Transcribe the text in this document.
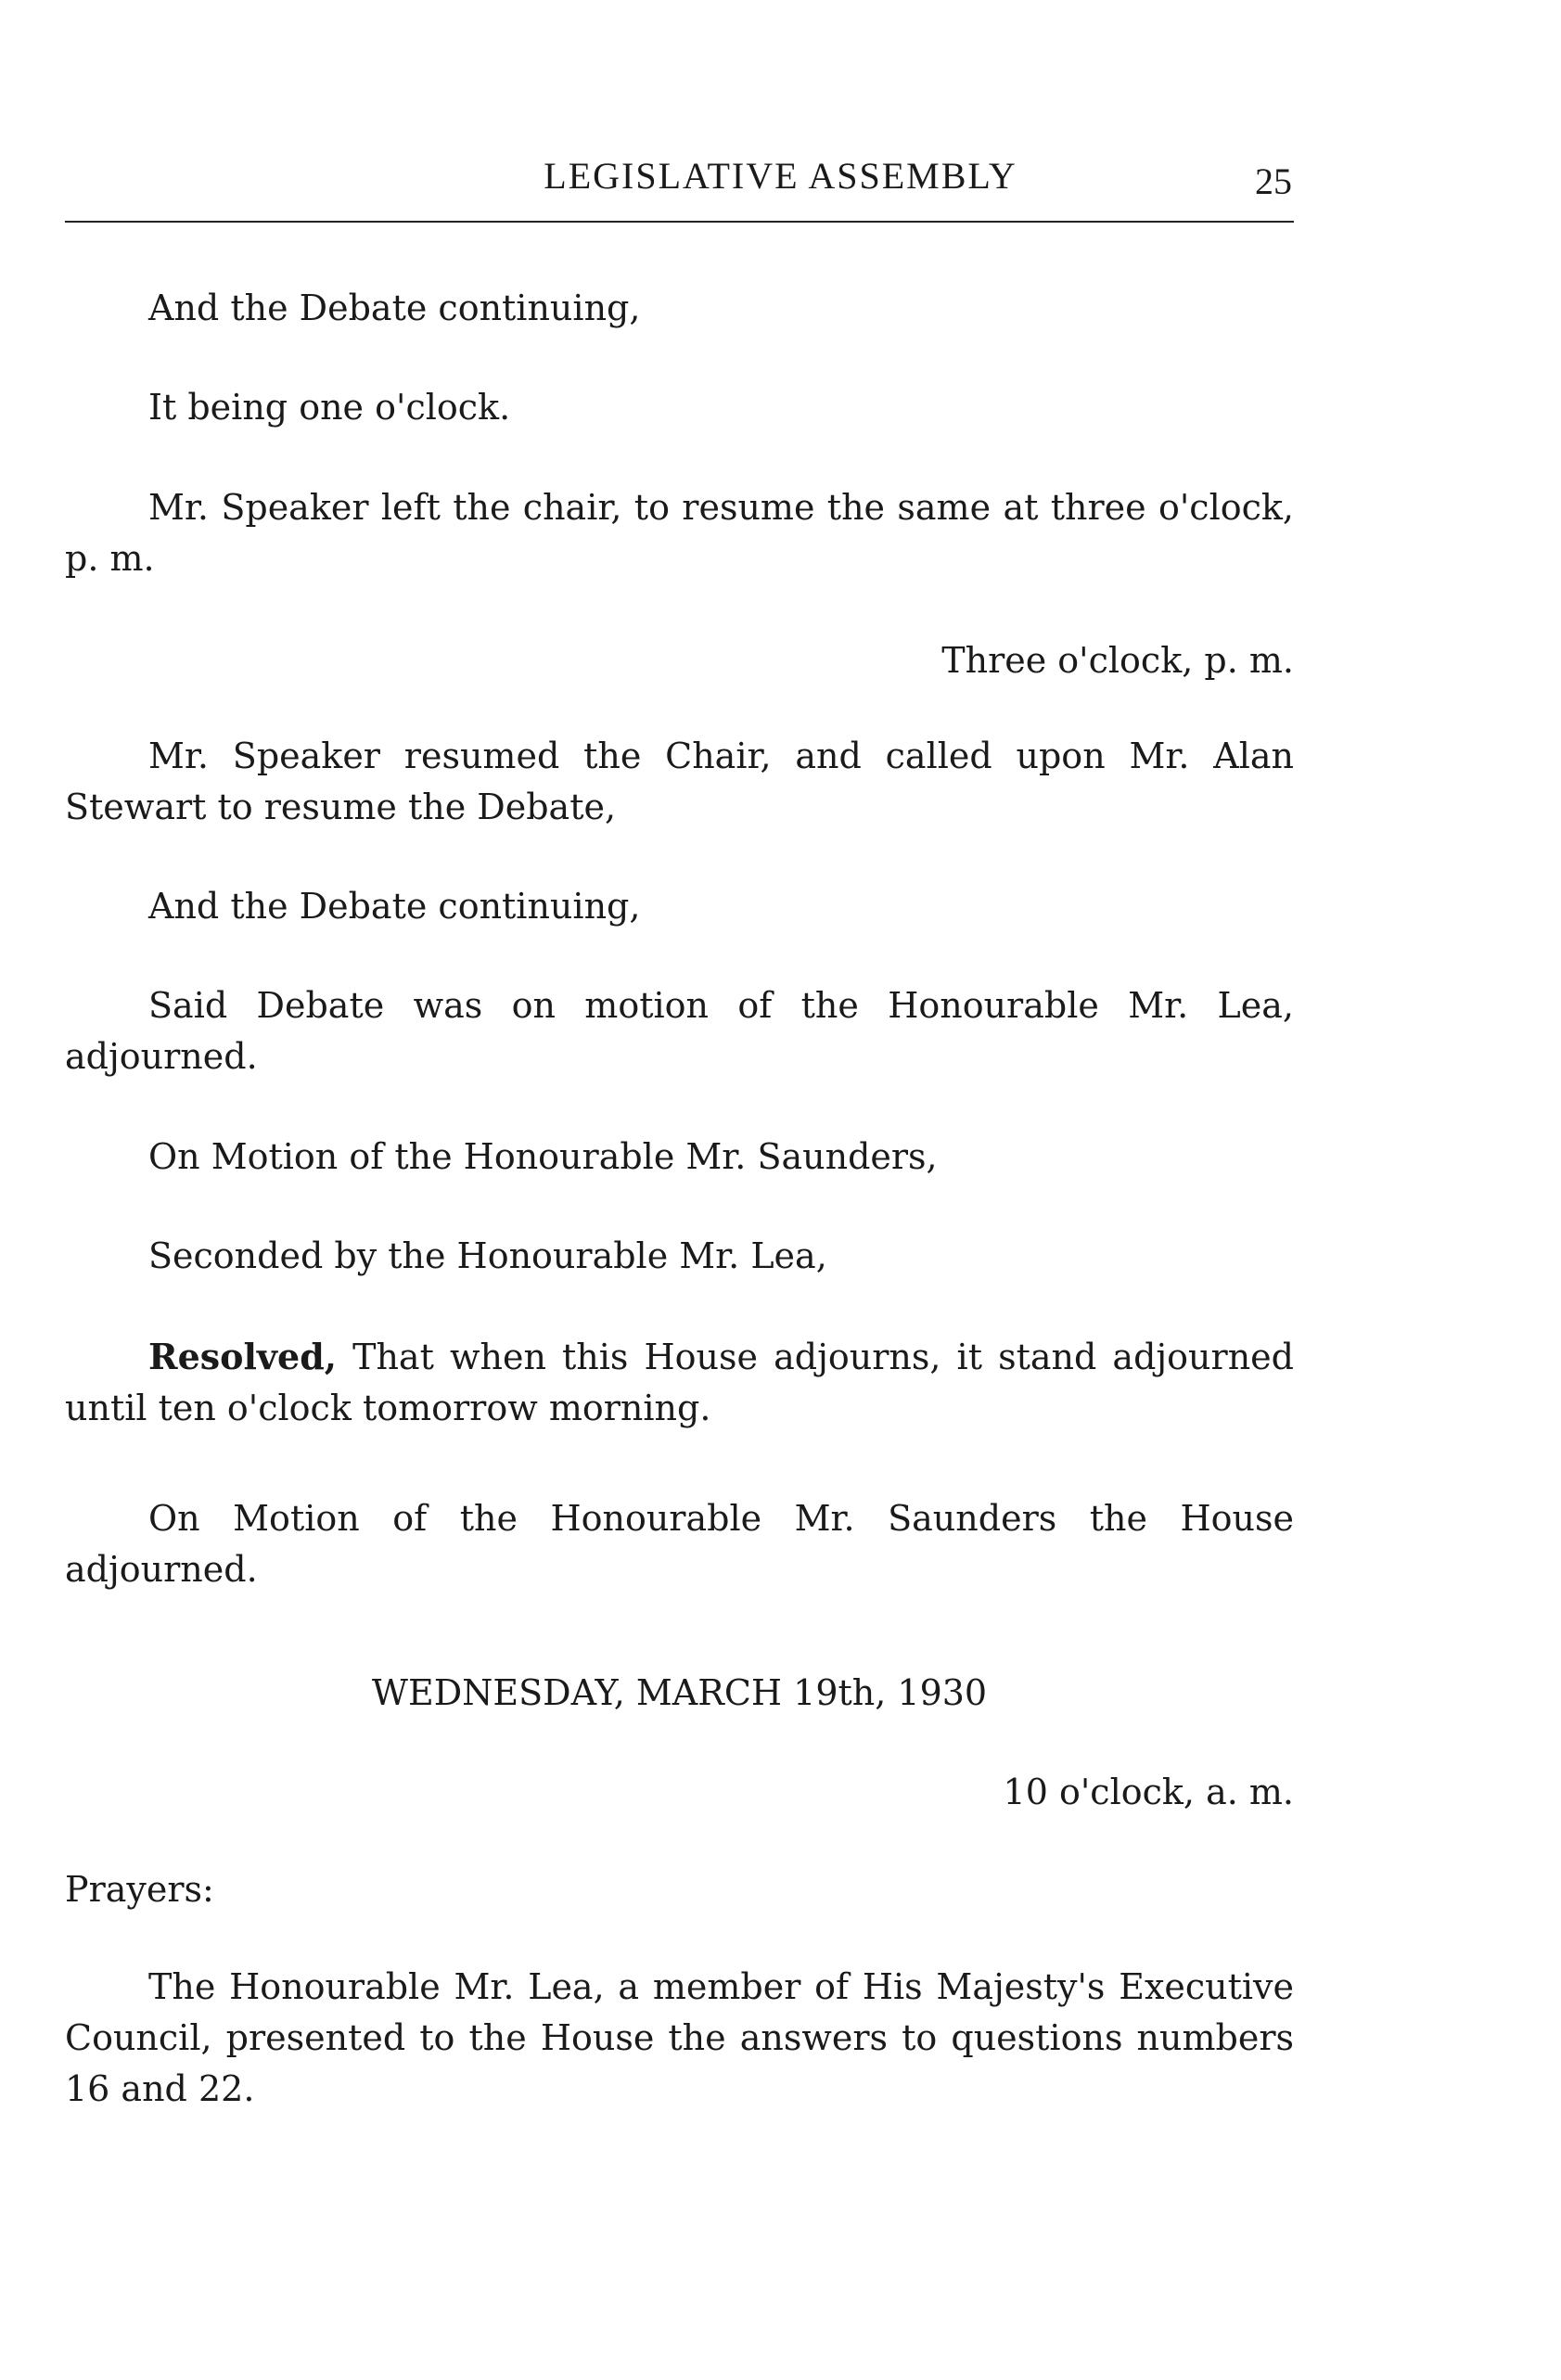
LEGISLATIVE ASSEMBLY	25

And the Debate continuing,

It being one o'clock.

Mr. Speaker left the chair, to resume the same at three o'clock, p. m.

Three o'clock, p. m.

Mr. Speaker resumed the Chair, and called upon Mr. Alan Stewart to resume the Debate,

And the Debate continuing,

Said Debate was on motion of the Honourable Mr. Lea, adjourned.

On Motion of the Honourable Mr. Saunders,

Seconded by the Honourable Mr. Lea,

Resolved, That when this House adjourns, it stand adjourned until ten o'clock tomorrow morning.

On Motion of the Honourable Mr. Saunders the House adjourned.

WEDNESDAY, MARCH 19th, 1930

10 o'clock, a. m.

Prayers:

The Honourable Mr. Lea, a member of His Majesty's Executive Council, presented to the House the answers to questions numbers 16 and 22.
